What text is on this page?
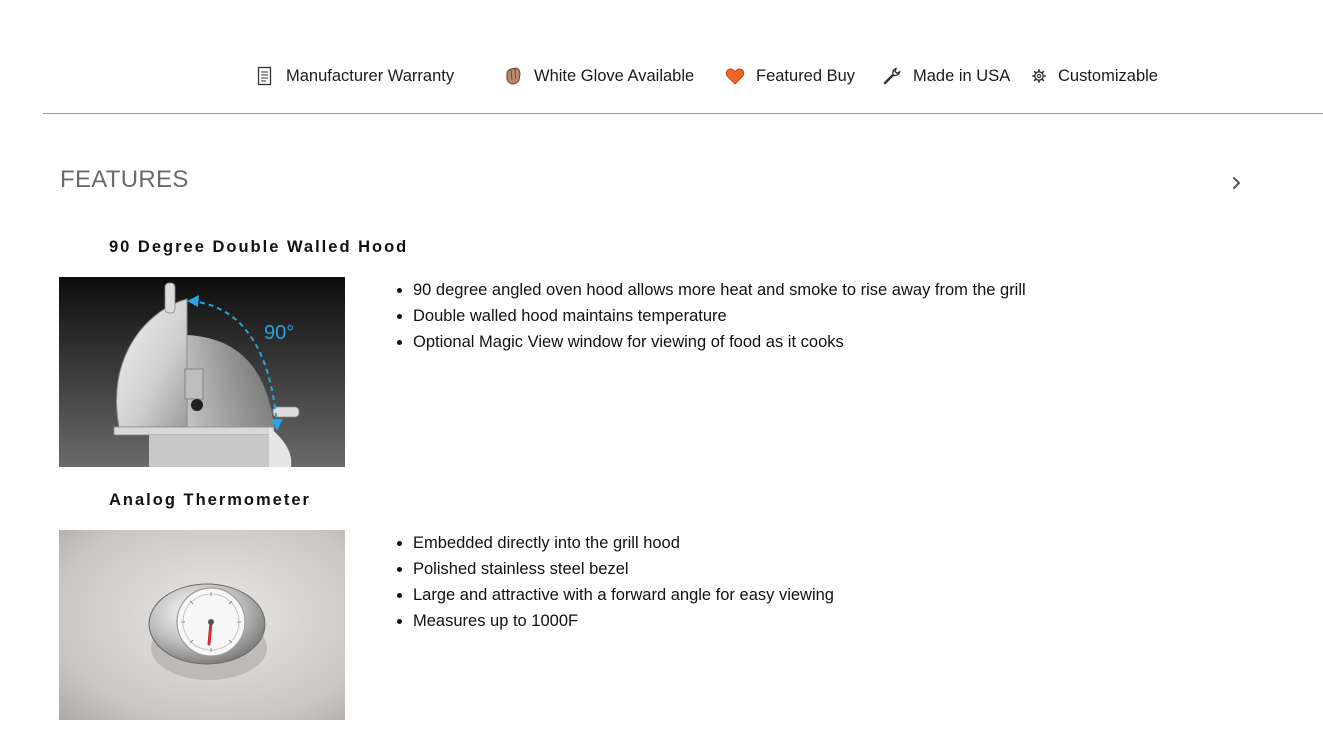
Manufacturer Warranty	White Glove Available	Featured Buy	Made in USA	Customizable
FEATURES
90 Degree Double Walled Hood
90°
• 90 degree angled oven hood allows more heat and smoke to rise away from the grill
• Double walled hood maintains temperature
• Optional Magic View window for viewing of food as it cooks
Analog Thermometer
• Embedded directly into the grill hood
• Polished stainless steel bezel
• Large and attractive with a forward angle for easy viewing
• Measures up to 1000F
